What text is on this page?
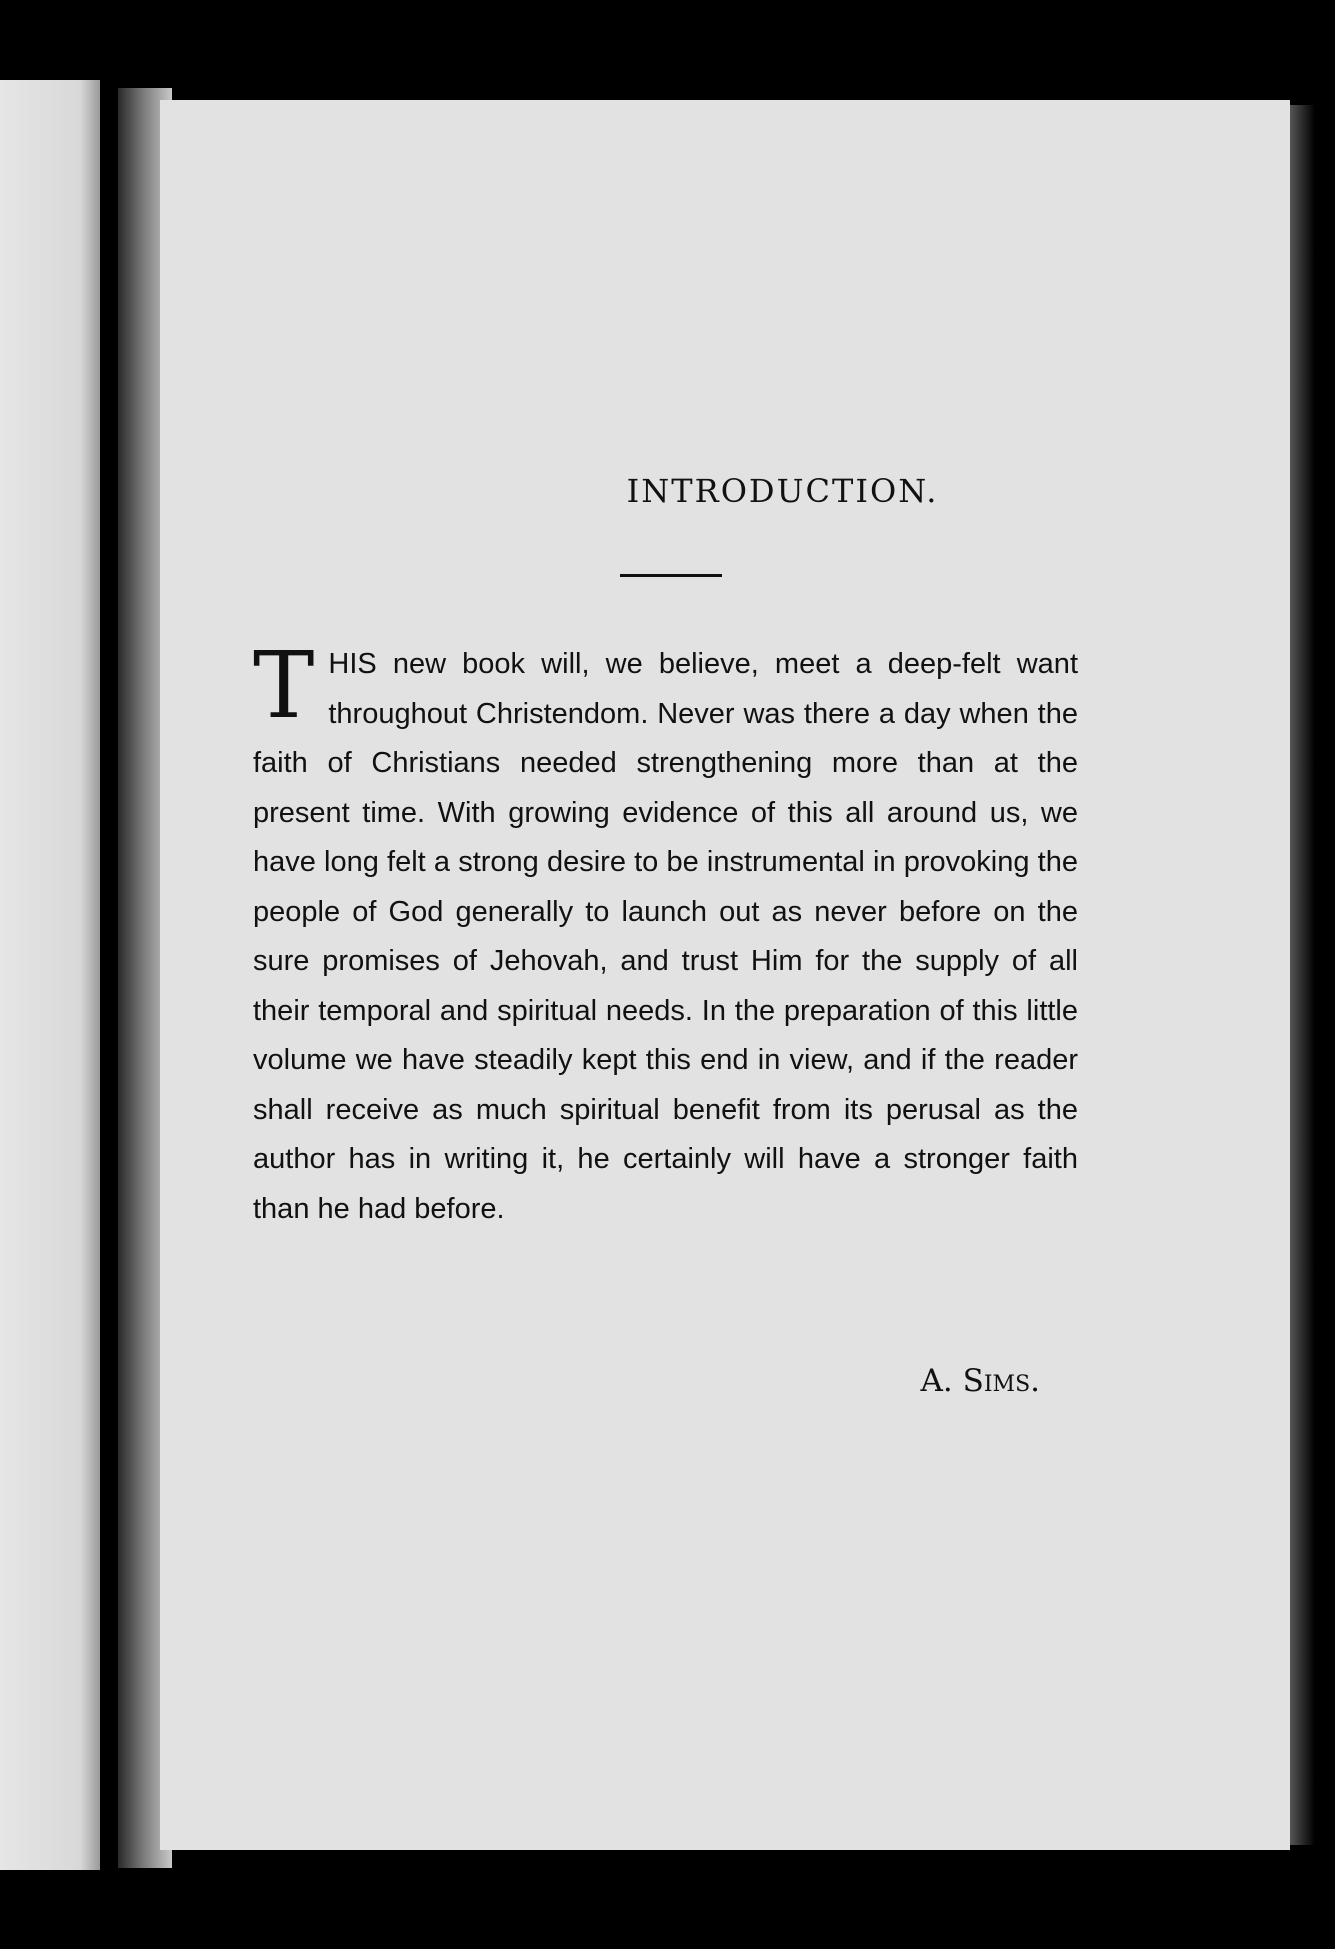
INTRODUCTION.
T HIS new book will, we believe, meet a deep-felt want throughout Christendom. Never was there a day when the faith of Christians needed strengthening more than at the present time. With growing evidence of this all around us, we have long felt a strong desire to be instrumental in provoking the people of God generally to launch out as never before on the sure promises of Jehovah, and trust Him for the supply of all their temporal and spiritual needs. In the preparation of this little volume we have steadily kept this end in view, and if the reader shall receive as much spiritual benefit from its perusal as the author has in writing it, he certainly will have a stronger faith than he had before.
A. Sims.
